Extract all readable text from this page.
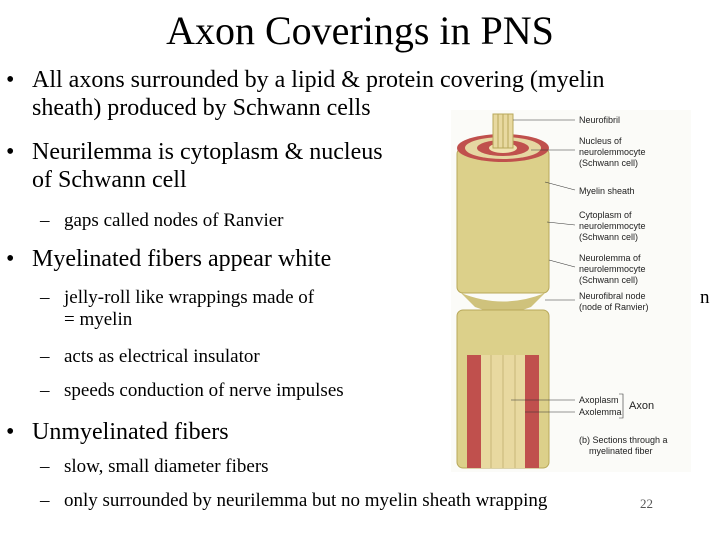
Axon Coverings in PNS
• All axons surrounded by a lipid & protein covering (myelin
sheath) produced by Schwann cells
• Neurilemma is cytoplasm & nucleus
of Schwann cell
– gaps called nodes of Ranvier
• Myelinated fibers appear white
– jelly-roll like wrappings made of
= myelin
– acts as electrical insulator
– speeds conduction of nerve impulses
• Unmyelinated fibers
– slow, small diameter fibers
– only surrounded by neurilemma but no myelin sheath wrapping
n
22
Neurofibril
Nucleus of
neurolemmocyte
(Schwann cell)
Myelin sheath
Cytoplasm of
neurolemmocyte
(Schwann cell)
Neurolemma of
neurolemmocyte
(Schwann cell)
Neurofibral node
(node of Ranvier)
Axoplasm
Axolemma Axon
(b) Sections through a
myelinated fiber
